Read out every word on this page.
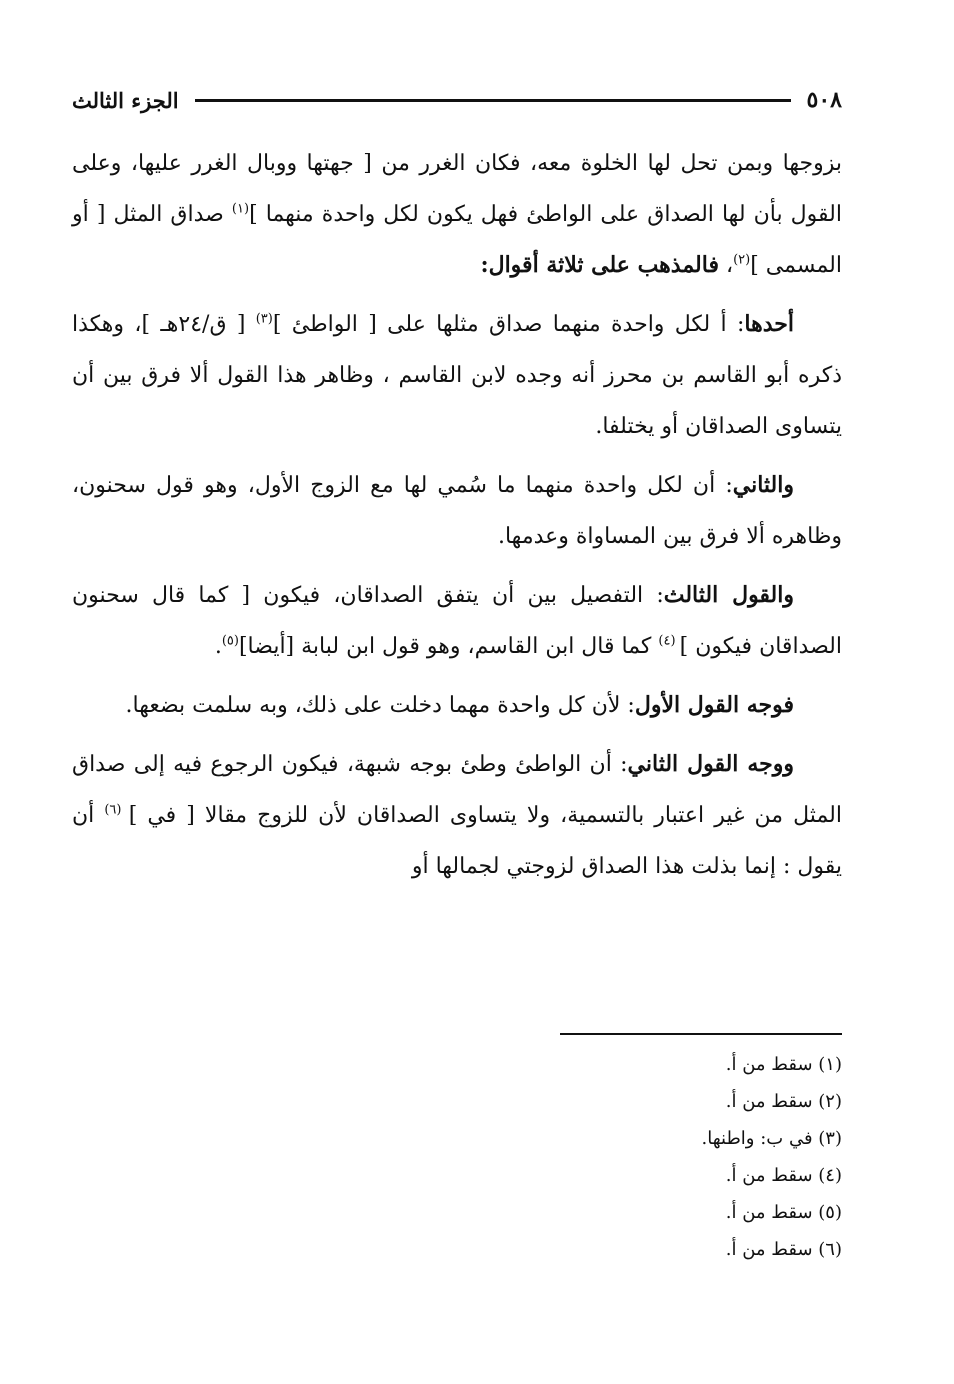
٥٠٨
الجزء الثالث

بزوجها وبمن تحل لها الخلوة معه، فكان الغرر من [ جهتها ووبال الغرر عليها، وعلى القول بأن لها الصداق على الواطئ فهل يكون لكل واحدة منهما ]$^{(١)}$ صداق المثل [ أو المسمى ]$^{(٢)}$، فالمذهب على ثلاثة أقوال:

أحدها: أ لكل واحدة منهما صداق مثلها على [ الواطئ ]$^{(٣)}$ [ ق/٢٤هـ ]، وهكذا ذكره أبو القاسم بن محرز أنه وجده لابن القاسم ، وظاهر هذا القول ألا فرق بين أن يتساوى الصداقان أو يختلفا.

والثاني: أن لكل واحدة منهما ما سُمي لها مع الزوج الأول، وهو قول سحنون، وظاهره ألا فرق بين المساواة وعدمها.

والقول الثالث: التفصيل بين أن يتفق الصداقان، فيكون [ كما قال سحنون الصداقان فيكون ] $^{(٤)}$ كما قال ابن القاسم، وهو قول ابن لبابة [أيضا]$^{(٥)}$.

فوجه القول الأول: لأن كل واحدة مهما دخلت على ذلك، وبه سلمت بضعها.

ووجه القول الثاني: أن الواطئ وطئ بوجه شبهة، فيكون الرجوع فيه إلى صداق المثل من غير اعتبار بالتسمية، ولا يتساوى الصداقان لأن للزوج مقالا [ في ] $^{(٦)}$ أن يقول : إنما بذلت هذا الصداق لزوجتي لجمالها أو

(١) سقط من أ.
(٢) سقط من أ.
(٣) في ب: واطنها.
(٤) سقط من أ.
(٥) سقط من أ.
(٦) سقط من أ.
